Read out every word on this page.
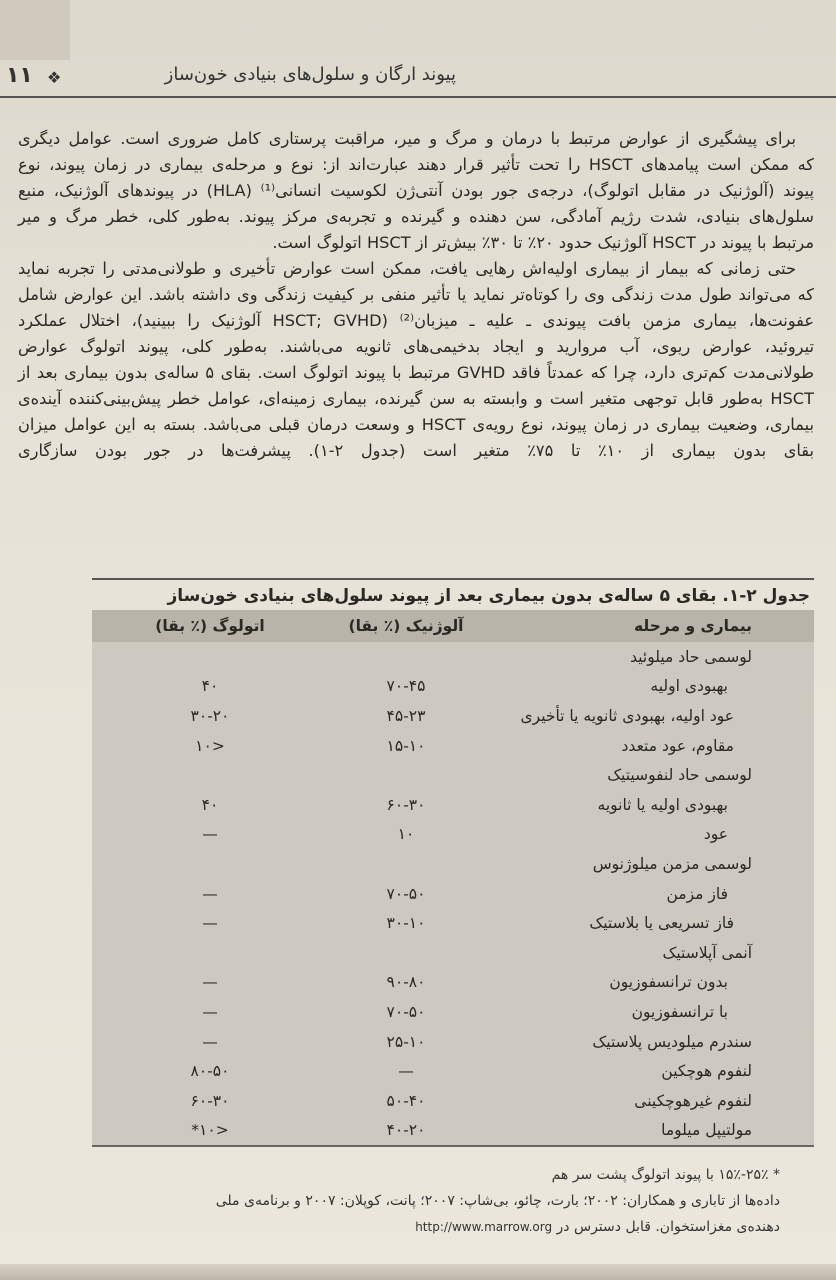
پیوند ارگان و سلول‌های بنیادی خون‌ساز
❖
۱۱

برای پیشگیری از عوارض مرتبط با درمان و مرگ و میر، مراقبت پرستاری کامل ضروری است. عوامل دیگری

که ممکن است پیامدهای HSCT را تحت تأثیر قرار دهند عبارت‌اند از: نوع و مرحله‌ی بیماری در زمان پیوند، نوع

پیوند (آلوژنیک در مقابل اتولوگ)، درجه‌ی جور بودن آنتی‌ژن لکوسیت انسانی⁽¹⁾ (HLA) در پیوندهای آلوژنیک، منبع

سلول‌های بنیادی، شدت رژیم آمادگی، سن دهنده و گیرنده و تجربه‌ی مرکز پیوند. به‌طور کلی، خطر مرگ و میر

مرتبط با پیوند در HSCT آلوژنیک حدود ۲۰٪ تا ۳۰٪ بیش‌تر از HSCT اتولوگ است.

حتی زمانی که بیمار از بیماری اولیه‌اش رهایی یافت، ممکن است عوارض تأخیری و طولانی‌مدتی را تجربه نماید

که می‌تواند طول مدت زندگی وی را کوتاه‌تر نماید یا تأثیر منفی بر کیفیت زندگی وی داشته باشد. این عوارض شامل

عفونت‌ها، بیماری مزمن بافت پیوندی ـ علیه ـ میزبان⁽²⁾ (HSCT; GVHD آلوژنیک را ببینید)، اختلال عملکرد

تیروئید، عوارض ریوی، آب مروارید و ایجاد بدخیمی‌های ثانویه می‌باشند. به‌طور کلی، پیوند اتولوگ عوارض

طولانی‌مدت کم‌تری دارد، چرا که عمدتاً فاقد GVHD مرتبط با پیوند اتولوگ است. بقای ۵ ساله‌ی بدون بیماری بعد از

HSCT به‌طور قابل توجهی متغیر است و وابسته به سن گیرنده، بیماری زمینه‌ای، عوامل خطر پیش‌بینی‌کننده آینده‌ی

بیماری، وضعیت بیماری در زمان پیوند، نوع رویه‌ی HSCT و وسعت درمان قبلی می‌باشد. بسته به این عوامل میزان

بقای بدون بیماری از ۱۰٪ تا ۷۵٪ متغیر است (جدول ۲-۱). پیشرفت‌ها در جور بودن سازگاری

جدول ۲-۱. بقای ۵ ساله‌ی بدون بیماری بعد از پیوند سلول‌های بنیادی خون‌ساز
بیماری و مرحله
آلوژنیک (٪ بقا)
اتولوگ (٪ بقا)
لوسمی حاد میلوئید
بهبودی اولیه
۷۰-۴۵
۴۰
عود اولیه، بهبودی ثانویه یا تأخیری
۴۵-۲۳
۳۰-۲۰
مقاوم، عود متعدد
۱۵-۱۰
<۱۰
لوسمی حاد لنفوسیتیک
بهبودی اولیه یا ثانویه
۶۰-۳۰
۴۰
عود
۱۰
—
لوسمی مزمن میلوژنوس
فاز مزمن
۷۰-۵۰
—
فاز تسریعی یا بلاستیک
۳۰-۱۰
—
آنمی آپلاستیک
بدون ترانسفوزیون
۹۰-۸۰
—
با ترانسفوزیون
۷۰-۵۰
—
سندرم میلودیس پلاستیک
۲۵-۱۰
—
لنفوم هوچکین
—
۸۰-۵۰
لنفوم غیرهوچکینی
۵۰-۴۰
۶۰-۳۰
مولتیپل میلوما
۴۰-۲۰
<۱۰*

* ۲۵٪-۱۵٪ با پیوند اتولوگ پشت سر هم

داده‌ها از تاباری و همکاران: ۲۰۰۲؛ بارت، چائو، بی‌شاپ: ۲۰۰۷؛ پانت، کوپلان: ۲۰۰۷ و برنامه‌ی ملی

دهنده‌ی مغزاستخوان. قابل دسترس در http://www.marrow.org
